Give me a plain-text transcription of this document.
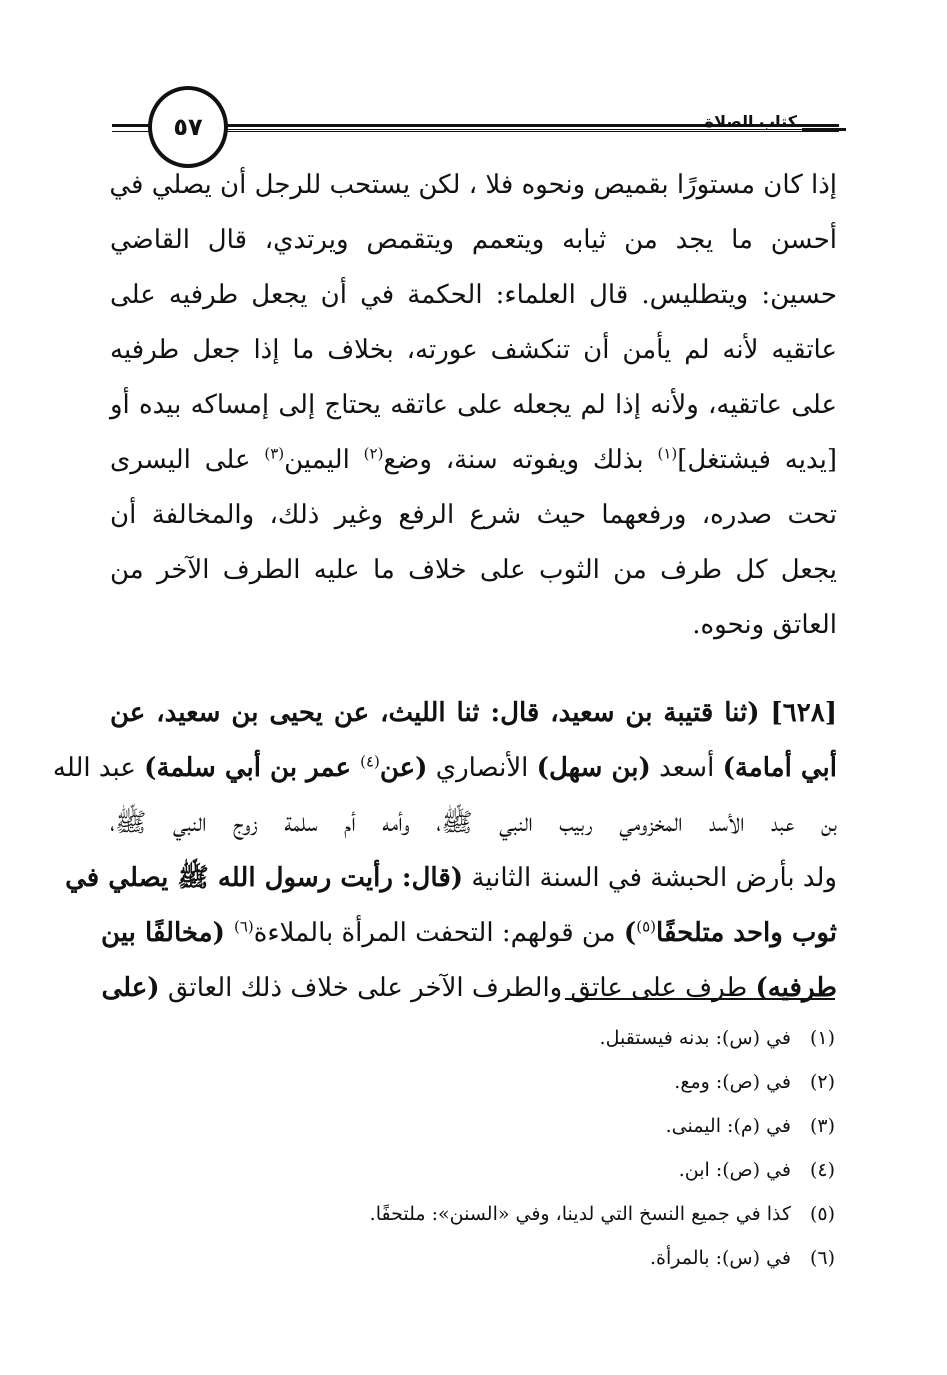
٥٧	كتاب الصلاة
إذا كان مستورًا بقميص ونحوه فلا ، لكن يستحب للرجل أن يصلي في
أحسن ما يجد من ثيابه ويتعمم ويتقمص ويرتدي، قال القاضي
حسين: ويتطليس. قال العلماء: الحكمة في أن يجعل طرفيه على
عاتقيه لأنه لم يأمن أن تنكشف عورته، بخلاف ما إذا جعل طرفيه
على عاتقيه، ولأنه إذا لم يجعله على عاتقه يحتاج إلى إمساكه بيده أو
[يديه فيشتغل]$^{(١)}$ بذلك ويفوته سنة، وضع$^{(٢)}$ اليمين$^{(٣)}$ على اليسرى
تحت صدره، ورفعهما حيث شرع الرفع وغير ذلك، والمخالفة أن
يجعل كل طرف من الثوب على خلاف ما عليه الطرف الآخر من
العاتق ونحوه.
[٦٢٨] (ثنا قتيبة بن سعيد، قال: ثنا الليث، عن يحيى بن سعيد، عن
أبي أمامة) أسعد (بن سهل) الأنصاري (عن$^{(٤)}$ عمر بن أبي سلمة) عبد الله
بن عبد الأسد المخزومي ربيب النبي ﷺ، وأمه أم سلمة زوج النبي ﷺ،
ولد بأرض الحبشة في السنة الثانية (قال: رأيت رسول الله ﷺ يصلي في
ثوب واحد متلحفًا$^{(٥)}$) من قولهم: التحفت المرأة بالملاءة$^{(٦)}$ (مخالفًا بين
طرفيه) طرف على عاتق والطرف الآخر على خلاف ذلك العاتق (على
(١)في (س): بدنه فيستقبل.
(٢)في (ص): ومع.
(٣)في (م): اليمنى.
(٤)في (ص): ابن.
(٥)كذا في جميع النسخ التي لدينا، وفي «السنن»: ملتحفًا.
(٦)في (س): بالمرأة.
